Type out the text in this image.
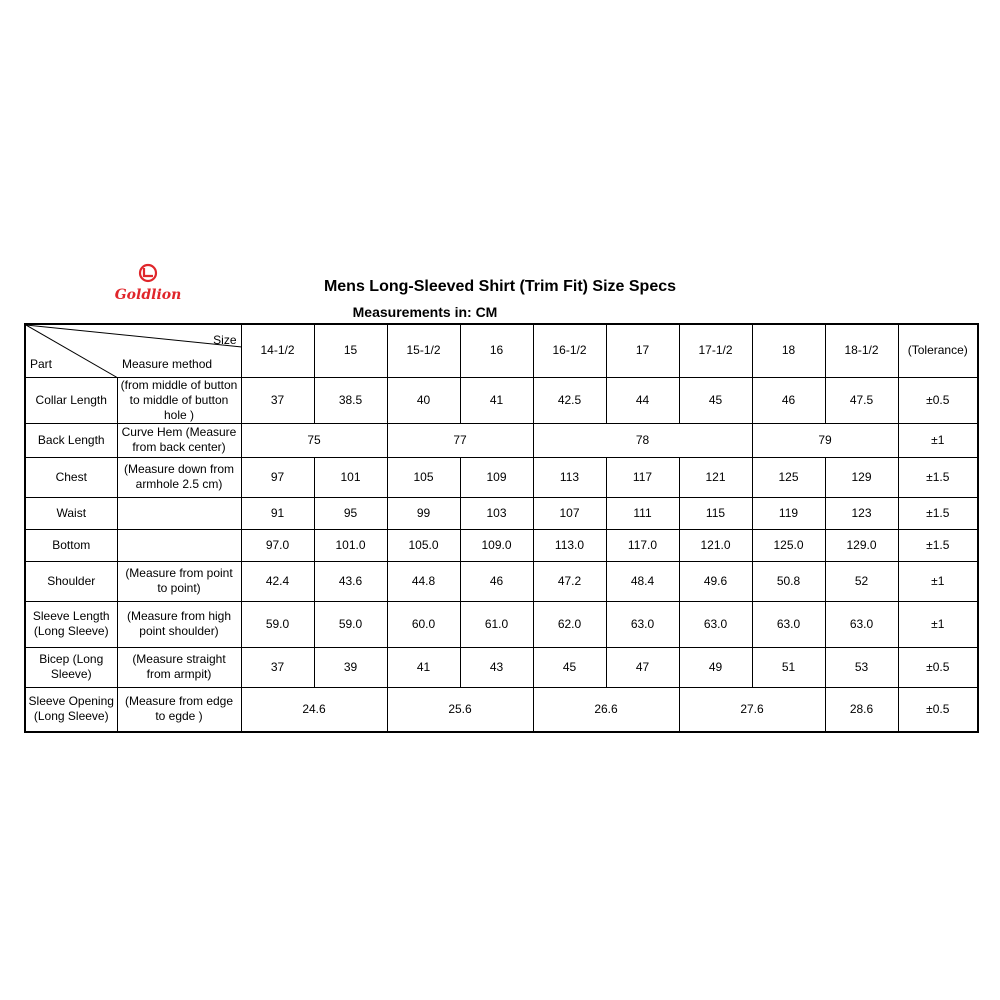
Goldlion	Mens Long-Sleeved Shirt (Trim Fit) Size Specs
Measurements in: CM
Size
Part Measure method		14-1/2	15	15-1/2	16	16-1/2	17	17-1/2	18	18-1/2	(Tolerance)
Collar Length	(from middle of button to middle of button hole )	37	38.5	40	41	42.5	44	45	46	47.5	±0.5
Back Length	Curve Hem (Measure from back center)	75		77		78			79		±1
Chest	(Measure down from armhole 2.5 cm)	97	101	105	109	113	117	121	125	129	±1.5
Waist		91	95	99	103	107	111	115	119	123	±1.5
Bottom		97.0	101.0	105.0	109.0	113.0	117.0	121.0	125.0	129.0	±1.5
Shoulder	(Measure from point to point)	42.4	43.6	44.8	46	47.2	48.4	49.6	50.8	52	±1
Sleeve Length (Long Sleeve)	(Measure from high point shoulder)	59.0	59.0	60.0	61.0	62.0	63.0	63.0	63.0	63.0	±1
Bicep (Long Sleeve)	(Measure straight from armpit)	37	39	41	43	45	47	49	51	53	±0.5
Sleeve Opening (Long Sleeve)	(Measure from edge to egde )	24.6		25.6		26.6		27.6		28.6	±0.5
